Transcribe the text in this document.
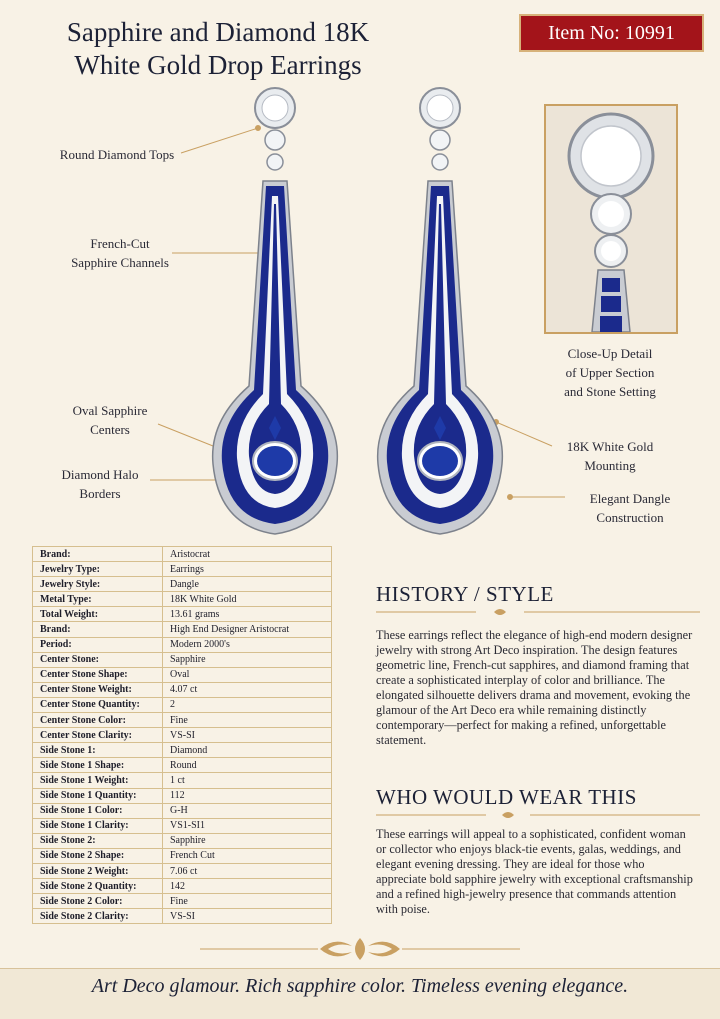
Sapphire and Diamond 18K
White Gold Drop Earrings
Item No: 10991
Round Diamond Tops
French-Cut
Sapphire Channels
Oval Sapphire
Centers
Diamond Halo
Borders
Close-Up Detail
of Upper Section
and Stone Setting
18K White Gold
Mounting
Elegant Dangle
Construction
Brand:	Aristocrat
Jewelry Type:	Earrings
Jewelry Style:	Dangle
Metal Type:	18K White Gold
Total Weight:	13.61 grams
Brand:	High End Designer Aristocrat
Period:	Modern 2000's
Center Stone:	Sapphire
Center Stone Shape:	Oval
Center Stone Weight:	4.07 ct
Center Stone Quantity:	2
Center Stone Color:	Fine
Center Stone Clarity:	VS-SI
Side Stone 1:	Diamond
Side Stone 1 Shape:	Round
Side Stone 1 Weight:	1 ct
Side Stone 1 Quantity:	112
Side Stone 1 Color:	G-H
Side Stone 1 Clarity:	VS1-SI1
Side Stone 2:	Sapphire
Side Stone 2 Shape:	French Cut
Side Stone 2 Weight:	7.06 ct
Side Stone 2 Quantity:	142
Side Stone 2 Color:	Fine
Side Stone 2 Clarity:	VS-SI
HISTORY / STYLE
These earrings reflect the elegance of high-end modern designer jewelry with strong Art Deco inspiration. The design features geometric line, French-cut sapphires, and diamond framing that create a sophisticated interplay of color and brilliance. The elongated silhouette delivers drama and movement, evoking the glamour of the Art Deco era while remaining distinctly contemporary—perfect for making a refined, unforgettable statement.
WHO WOULD WEAR THIS
These earrings will appeal to a sophisticated, confident woman or collector who enjoys black-tie events, galas, weddings, and elegant evening dressing. They are ideal for those who appreciate bold sapphire jewelry with exceptional craftsmanship and a refined high-jewelry presence that commands attention with poise.
Art Deco glamour. Rich sapphire color. Timeless evening elegance.
